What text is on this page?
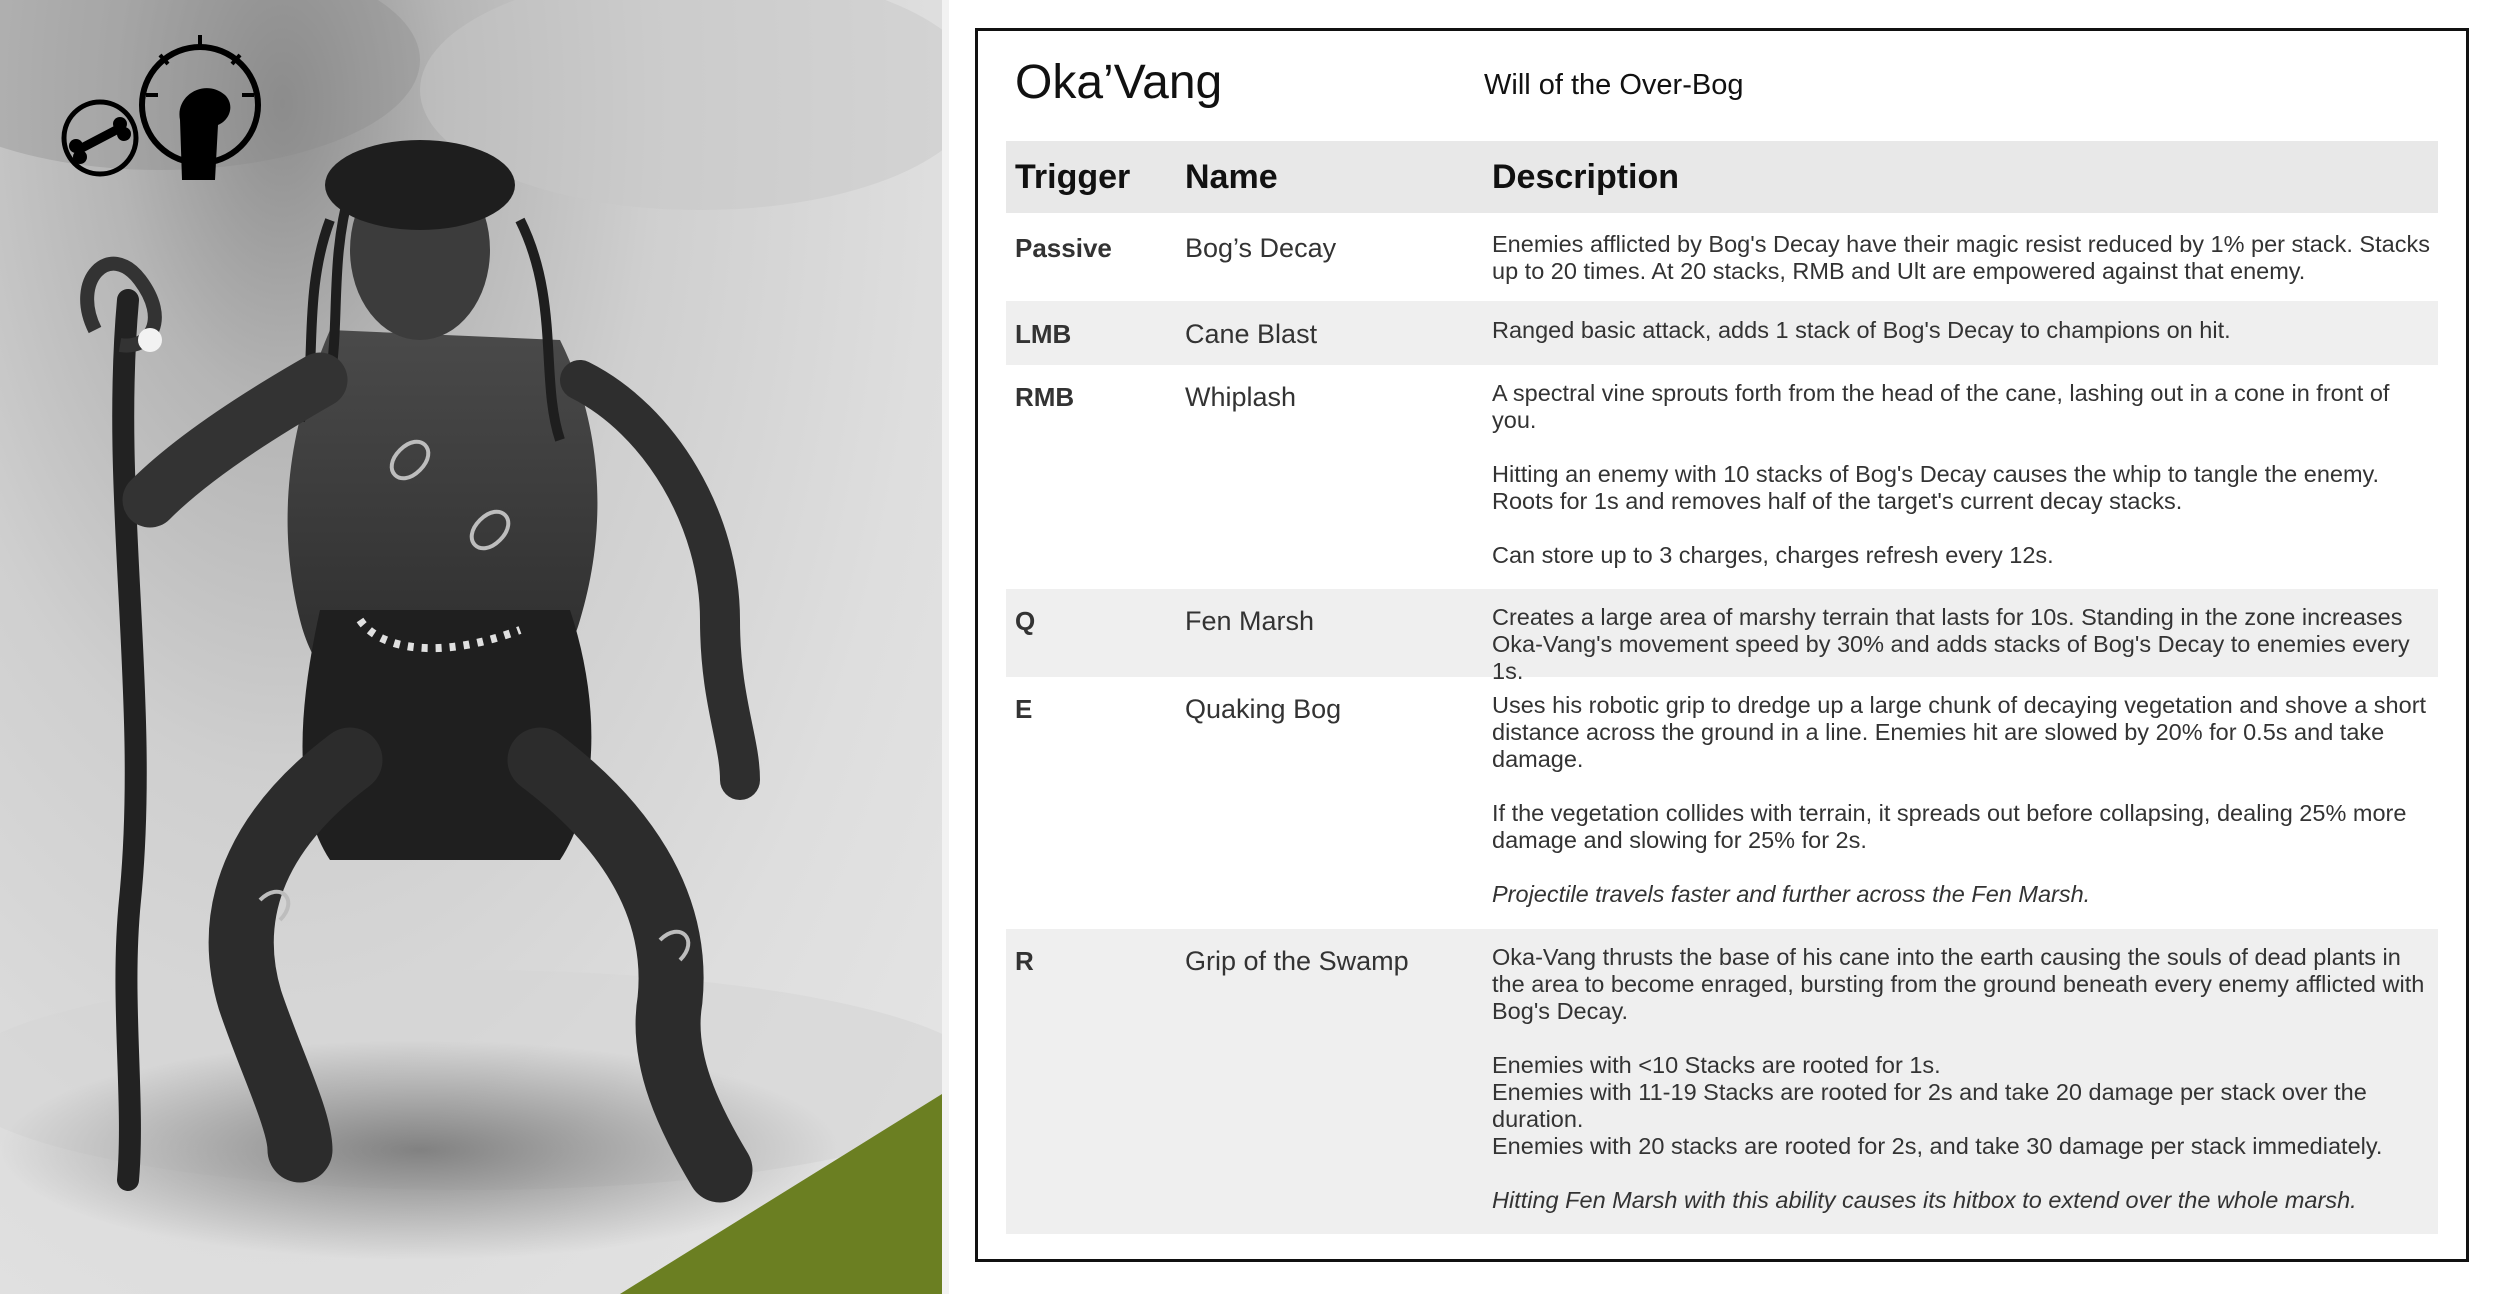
Oka’Vang	Will of the Over-Bog
Trigger	Name	Description
Passive	Bog’s Decay	Enemies afflicted by Bog's Decay have their magic resist reduced by 1% per stack. Stacks up to 20 times. At 20 stacks, RMB and Ult are empowered against that enemy.

LMB	Cane Blast	Ranged basic attack, adds 1 stack of Bog's Decay to champions on hit.

RMB	Whiplash	A spectral vine sprouts forth from the head of the cane, lashing out in a cone in front of you.

Hitting an enemy with 10 stacks of Bog's Decay causes the whip to tangle the enemy. Roots for 1s and removes half of the target's current decay stacks.

Can store up to 3 charges, charges refresh every 12s.

Q	Fen Marsh	Creates a large area of marshy terrain that lasts for 10s. Standing in the zone increases Oka-Vang's movement speed by 30% and adds stacks of Bog's Decay to enemies every 1s.

E	Quaking Bog	Uses his robotic grip to dredge up a large chunk of decaying vegetation and shove a short distance across the ground in a line. Enemies hit are slowed by 20% for 0.5s and take damage.

If the vegetation collides with terrain, it spreads out before collapsing, dealing 25% more damage and slowing for 25% for 2s.

Projectile travels faster and further across the Fen Marsh.

R	Grip of the Swamp	Oka-Vang thrusts the base of his cane into the earth causing the souls of dead plants in the area to become enraged, bursting from the ground beneath every enemy afflicted with Bog's Decay.

Enemies with <10 Stacks are rooted for 1s.

Enemies with 11-19 Stacks are rooted for 2s and take 20 damage per stack over the duration.

Enemies with 20 stacks are rooted for 2s, and take 30 damage per stack immediately.

Hitting Fen Marsh with this ability causes its hitbox to extend over the whole marsh.
